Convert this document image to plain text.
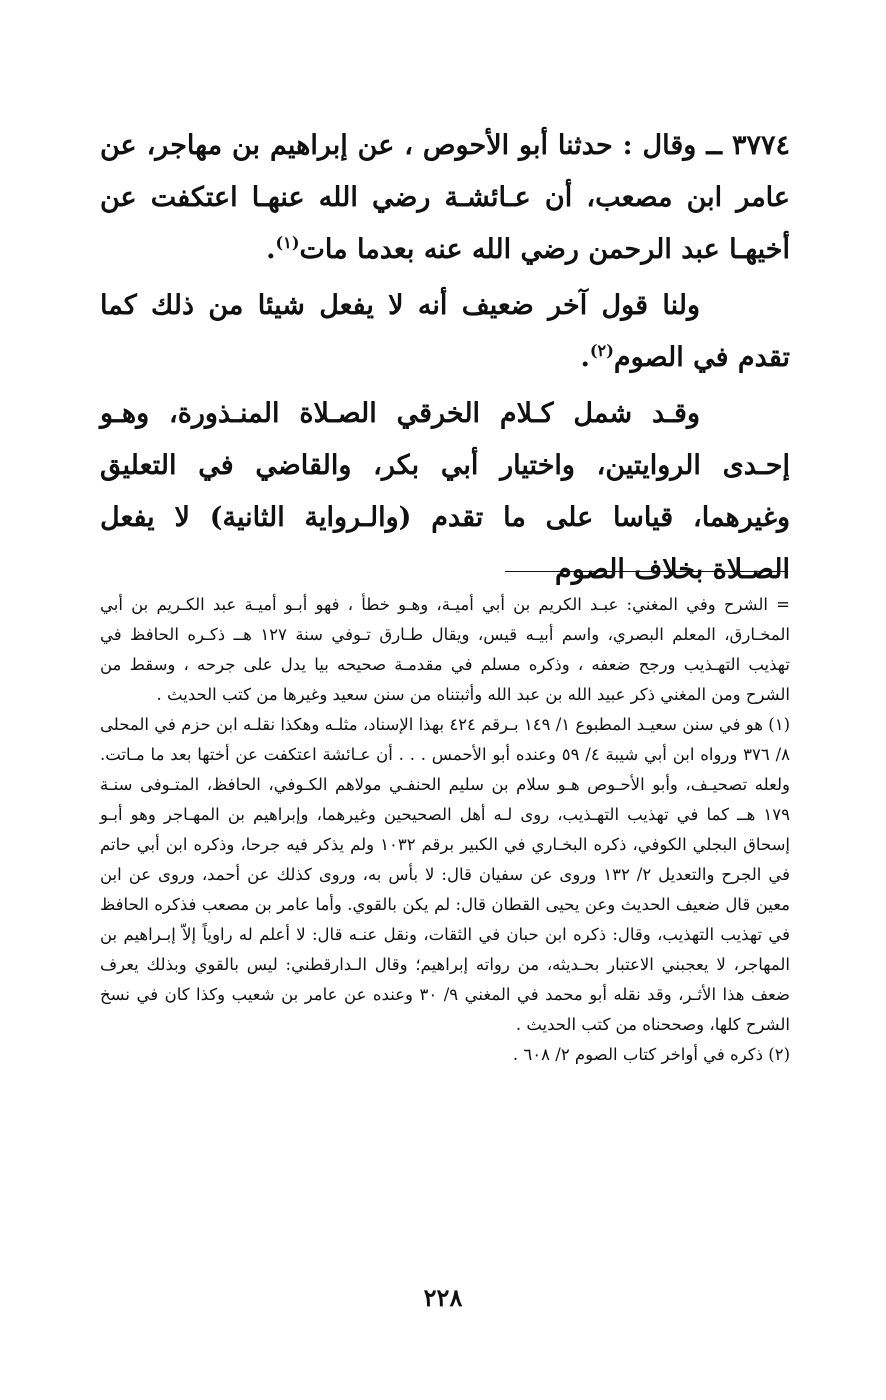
٣٧٧٤ ــ وقال : حدثنا أبو الأحوص ، عن إبراهيم بن مهاجر، عن عامر ابن مصعب، أن عـائشـة رضي الله عنهـا اعتكفت عن أخيهـا عبد الرحمن رضي الله عنه بعدما مات$^{(١)}$.

ولنا قول آخر ضعيف أنه لا يفعل شيئا من ذلك كما تقدم في الصوم$^{(٢)}$.

وقـد شمل كـلام الخرقي الصـلاة المنـذورة، وهـو إحـدى الروايتين، واختيار أبي بكر، والقاضي في التعليق وغيرهما، قياسا على ما تقدم (والـرواية الثانية) لا يفعل الصـلاة بخلاف الصوم

= الشرح وفي المغني: عبـد الكريم بن أبي أميـة، وهـو خطأ ، فهو أبـو أميـة عبد الكـريم بن أبي المخـارق، المعلم البصري، واسم أبيـه قيس، ويقال طـارق تـوفي سنة ١٢٧ هــ ذكـره الحافظ في تهذيب التهـذيب ورجح ضعفه ، وذكره مسلم في مقدمـة صحيحه بيا يدل على جرحه ، وسقط من الشرح ومن المغني ذكر عبيد الله بن عبد الله وأثبتناه من سنن سعيد وغيرها من كتب الحديث .

(١) هو في سنن سعيـد المطبوع ١/ ١٤٩ بـرقم ٤٢٤ بهذا الإسناد، مثلـه وهكذا نقلـه ابن حزم في المحلى ٨/ ٣٧٦ ورواه ابن أبي شيبة ٤/ ٥٩ وعنده أبو الأحمس . . . أن عـائشة اعتكفت عن أختها بعد ما مـاتت. ولعله تصحيـف، وأبو الأحـوص هـو سلام بن سليم الحنفـي مولاهم الكـوفي، الحافظ، المتـوفى سنـة ١٧٩ هــ كما في تهذيب التهـذيب، روى لـه أهل الصحيحين وغيرهما، وإبراهيم بن المهـاجر وهو أبـو إسحاق البجلي الكوفي، ذكره البخـاري في الكبير برقم ١٠٣٢ ولم يذكر فيه جرحا، وذكره ابن أبي حاتم في الجرح والتعديل ٢/ ١٣٢ وروى عن سفيان قال: لا بأس به، وروى كذلك عن أحمد، وروى عن ابن معين قال ضعيف الحديث وعن يحيى القطان قال: لم يكن بالقوي. وأما عامر بن مصعب فذكره الحافظ في تهذيب التهذيب، وقال: ذكره ابن حبان في الثقات، ونقل عنـه قال: لا أعلم له راوياً إلاّ إبـراهيم بن المهاجر، لا يعجبني الاعتبار بحـديثه، من رواته إبراهيم؛ وقال الـدارقطني: ليس بالقوي وبذلك يعرف ضعف هذا الأثـر، وقد نقله أبو محمد في المغني ٩/ ٣٠ وعنده عن عامر بن شعيب وكذا كان في نسخ الشرح كلها، وصححناه من كتب الحديث .

(٢) ذكره في أواخر كتاب الصوم ٢/ ٦٠٨ .

٢٢٨
